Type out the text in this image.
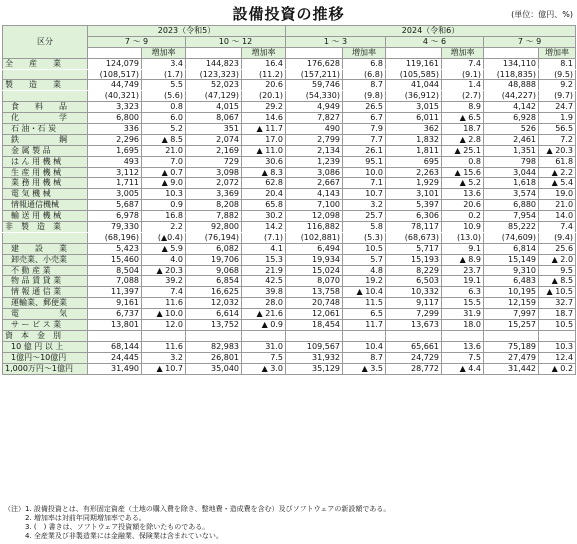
設備投資の推移	(単位：億円、%)
区分	2023（令和5）				2024（令和6）					
	7 〜 9		10 〜 12		1 〜 3		4 〜 6		7 〜 9	
		増加率		増加率		増加率		増加率		増加率
全　　産　　業	124,079	3.4	144,823	16.4	176,628	6.8	119,161	7.4	134,110	8.1
	(108,517)	(1.7)	(123,323)	(11.2)	(157,211)	(6.8)	(105,585)	(9.1)	(118,835)	(9.5)
製　　造　　業	44,749	5.5	52,023	20.6	59,746	8.7	41,044	1.4	48,888	9.2
	(40,321)	(5.6)	(47,129)	(20.1)	(54,330)	(9.8)	(36,912)	(2.7)	(44,227)	(9.7)
食　　料　　品	3,323	0.8	4,015	29.2	4,949	26.5	3,015	8.9	4,142	24.7
化　　　　　学	6,800	6.0	8,067	14.6	7,827	6.7	6,011	▲ 6.5	6,928	1.9
石 油・石 炭	336	5.2	351	▲ 11.7	490	7.9	362	18.7	526	56.5
鉄　　　　　鋼	2,296	▲ 8.5	2,074	17.0	2,799	7.7	1,832	▲ 2.8	2,461	7.2
金 属 製 品	1,695	21.0	2,169	▲ 11.0	2,134	26.1	1,811	▲ 25.1	1,351	▲ 20.3
は ん 用 機 械	493	7.0	729	30.6	1,239	95.1	695	0.8	798	61.8
生 産 用 機 械	3,112	▲ 0.7	3,098	▲ 8.3	3,086	10.0	2,263	▲ 15.6	3,044	▲ 2.2
業 務 用 機 械	1,711	▲ 9.0	2,072	62.8	2,667	7.1	1,929	▲ 5.2	1,618	▲ 5.4
電 気 機 械	3,005	10.3	3,369	20.4	4,143	10.7	3,101	13.6	3,574	19.0
情報通信機械	5,687	0.9	8,208	65.8	7,100	3.2	5,397	20.6	6,880	21.0
輸 送 用 機 械	6,978	16.8	7,882	30.2	12,098	25.7	6,306	0.2	7,954	14.0
非　製　造　業	79,330	2.2	92,800	14.2	116,882	5.8	78,117	10.9	85,222	7.4
	(68,196)	(▲0.4)	(76,194)	(7.1)	(102,881)	(5.3)	(68,673)	(13.0)	(74,609)	(9.4)
建　　設　　業	5,423	▲ 5.9	6,082	4.1	6,494	10.5	5,717	9.1	6,814	25.6
卸売業、小売業	15,460	4.0	19,706	15.3	19,934	5.7	15,193	▲ 8.9	15,149	▲ 2.0
不 動 産 業	8,504	▲ 20.3	9,068	21.9	15,024	4.8	8,229	23.7	9,310	9.5
物 品 賃 貸 業	7,088	39.2	6,854	42.5	8,070	19.2	6,503	19.1	6,483	▲ 8.5
情 報 通 信 業	11,397	7.4	16,625	39.8	13,758	▲ 10.4	10,332	6.3	10,195	▲ 10.5
運輸業、郵便業	9,161	11.6	12,032	28.0	20,748	11.5	9,117	15.5	12,159	32.7
電　　　　　気	6,737	▲ 10.0	6,614	▲ 21.6	12,061	6.5	7,299	31.9	7,997	18.7
サ ー ビ ス 業	13,801	12.0	13,752	▲ 0.9	18,454	11.7	13,673	18.0	15,257	10.5
資　本　金　別										
10 億 円 以 上	68,144	11.6	82,983	31.0	109,567	10.4	65,661	13.6	75,189	10.3
1億円〜10億円	24,445	3.2	26,801	7.5	31,932	8.7	24,729	7.5	27,479	12.4
1,000万円〜1億円	31,490	▲ 10.7	35,040	▲ 3.0	35,129	▲ 3.5	28,772	▲ 4.4	31,442	▲ 0.2
（注）1. 設備投資とは、有形固定資産（土地の購入費を除き、整地費・造成費を含む）及びソフトウェアの新設額である。
　　　2. 増加率は対前年同期増加率である。
　　　3. (　) 書きは、ソフトウェア投資額を除いたものである。
　　　4. 全産業及び非製造業には金融業、保険業は含まれていない。
